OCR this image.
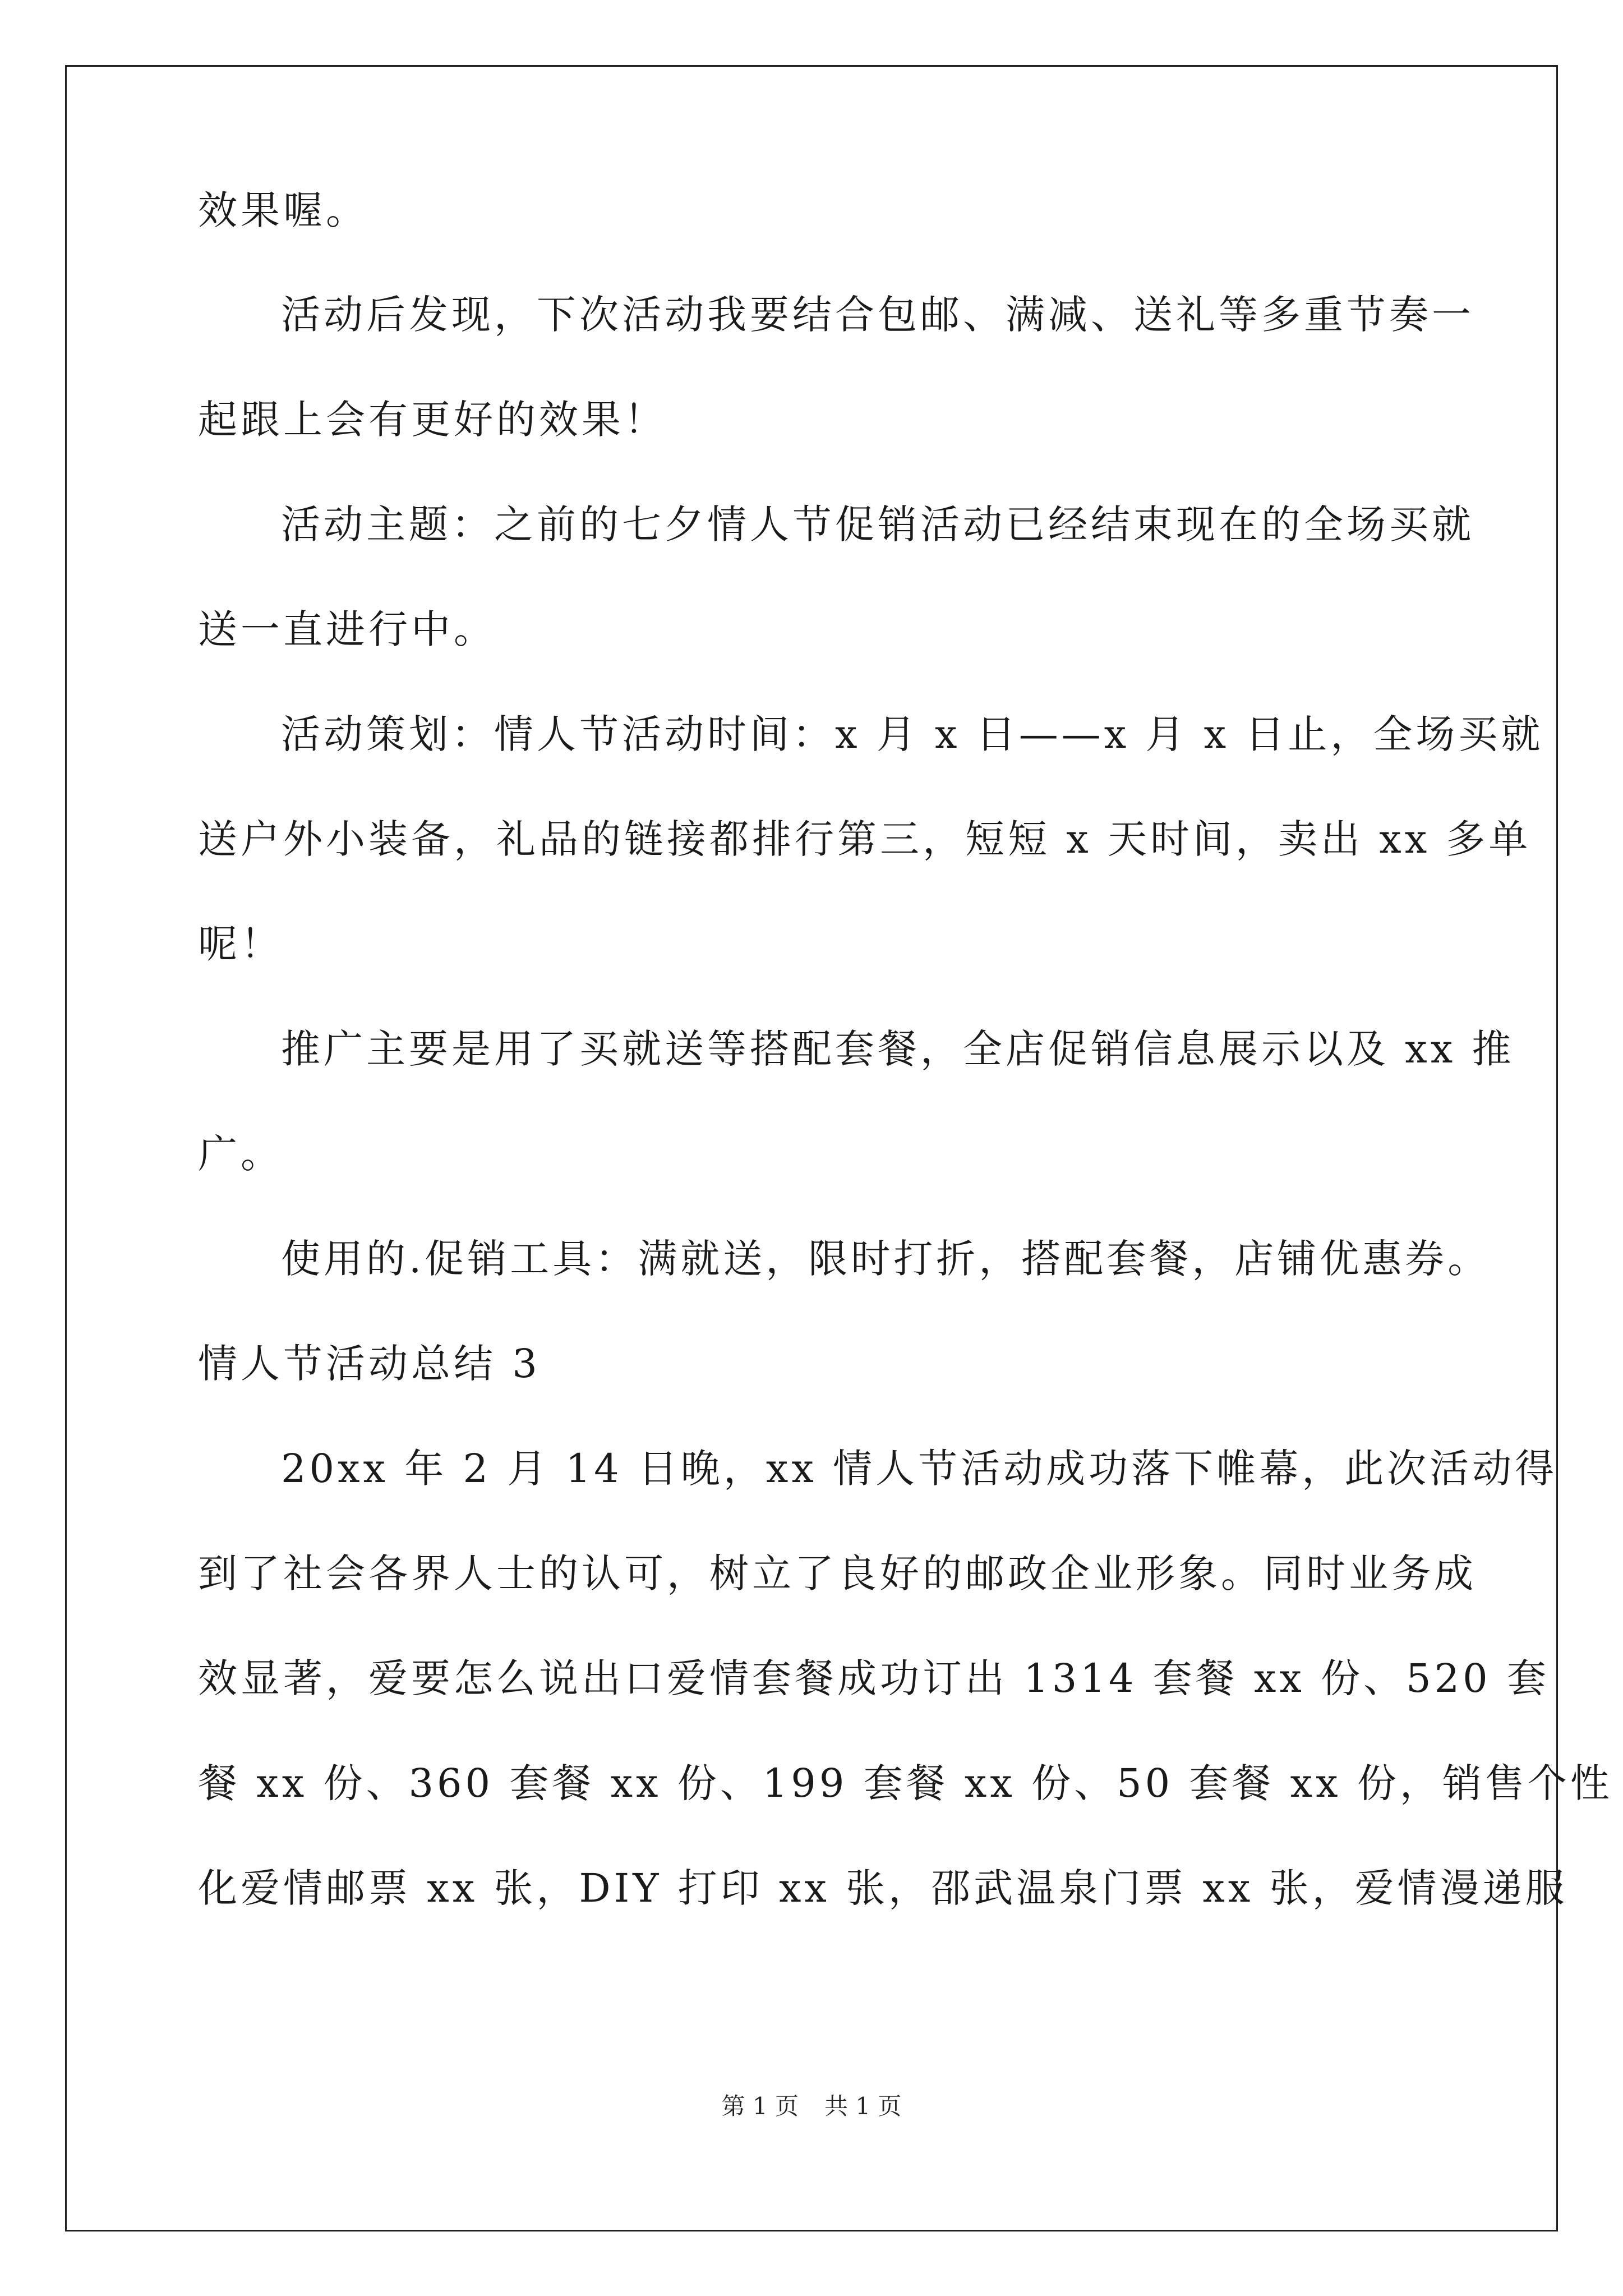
效果喔。
活动后发现，下次活动我要结合包邮、满减、送礼等多重节奏一
起跟上会有更好的效果！
活动主题：之前的七夕情人节促销活动已经结束现在的全场买就
送一直进行中。
活动策划：情人节活动时间：x 月 x 日——x 月 x 日止，全场买就
送户外小装备，礼品的链接都排行第三，短短 x 天时间，卖出 xx 多单
呢！
推广主要是用了买就送等搭配套餐，全店促销信息展示以及 xx 推
广。
使用的.促销工具：满就送，限时打折，搭配套餐，店铺优惠券。
情人节活动总结 3
20xx 年 2 月 14 日晚，xx 情人节活动成功落下帷幕，此次活动得
到了社会各界人士的认可，树立了良好的邮政企业形象。同时业务成
效显著，爱要怎么说出口爱情套餐成功订出 1314 套餐 xx 份、520 套
餐 xx 份、360 套餐 xx 份、199 套餐 xx 份、50 套餐 xx 份，销售个性
化爱情邮票 xx 张，DIY 打印 xx 张，邵武温泉门票 xx 张，爱情漫递服
第 1 页 共 1 页
